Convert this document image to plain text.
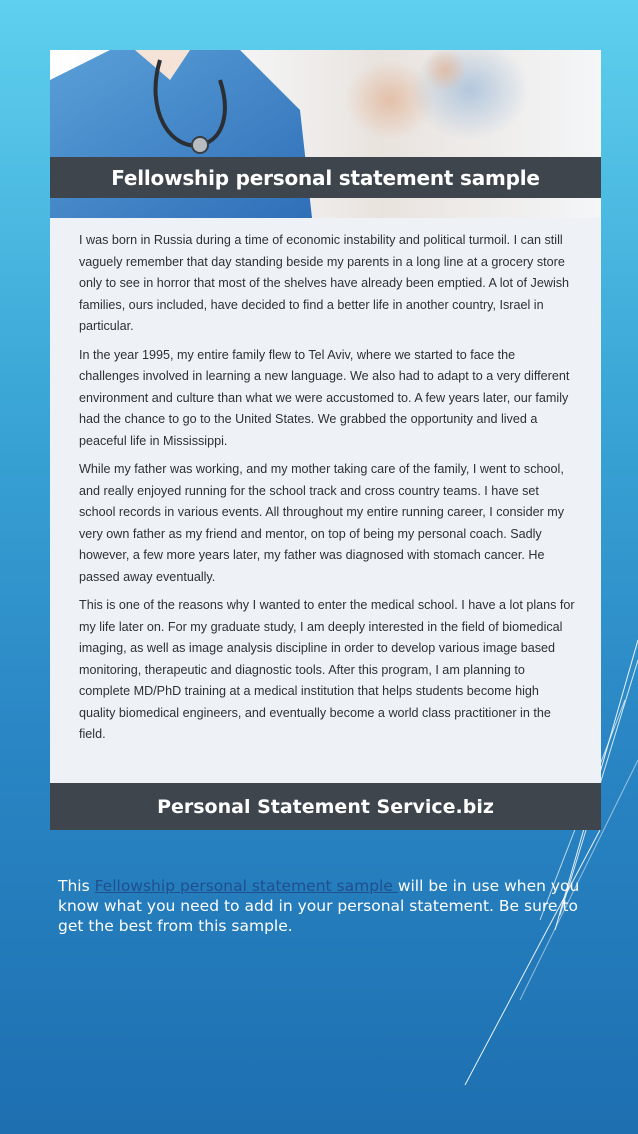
Fellowship personal statement sample

I was born in Russia during a time of economic instability and political turmoil. I can still vaguely remember that day standing beside my parents in a long line at a grocery store only to see in horror that most of the shelves have already been emptied. A lot of Jewish families, ours included, have decided to find a better life in another country, Israel in particular.

In the year 1995, my entire family flew to Tel Aviv, where we started to face the challenges involved in learning a new language. We also had to adapt to a very different environment and culture than what we were accustomed to. A few years later, our family had the chance to go to the United States. We grabbed the opportunity and lived a peaceful life in Mississippi.

While my father was working, and my mother taking care of the family, I went to school, and really enjoyed running for the school track and cross country teams. I have set school records in various events. All throughout my entire running career, I consider my very own father as my friend and mentor, on top of being my personal coach. Sadly however, a few more years later, my father was diagnosed with stomach cancer. He passed away eventually.

This is one of the reasons why I wanted to enter the medical school. I have a lot plans for my life later on. For my graduate study, I am deeply interested in the field of biomedical imaging, as well as image analysis discipline in order to develop various image based monitoring, therapeutic and diagnostic tools. After this program, I am planning to complete MD/PhD training at a medical institution that helps students become high quality biomedical engineers, and eventually become a world class practitioner in the field.

Personal Statement Service.biz
This Fellowship personal statement sample will be in use when you know what you need to add in your personal statement. Be sure to get the best from this sample.
